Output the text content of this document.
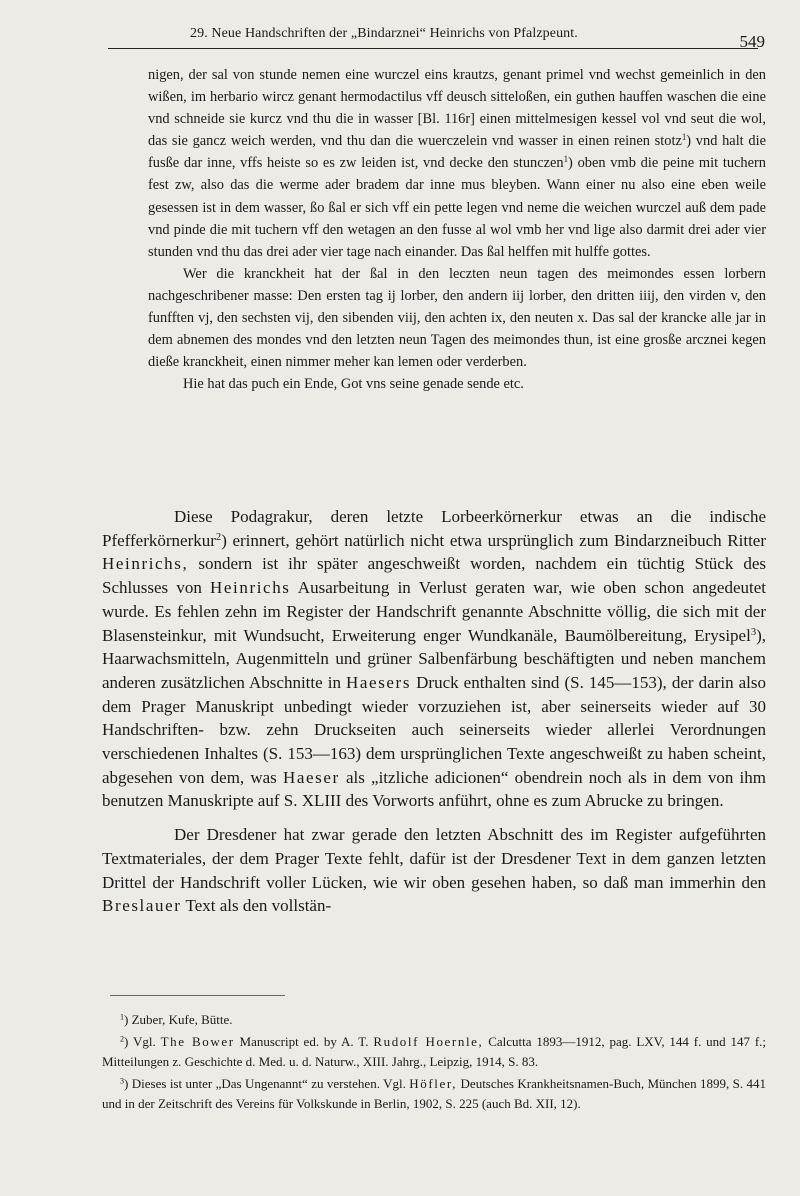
29. Neue Handschriften der „Bindarznei“ Heinrichs von Pfalzpeunt.	549

nigen, der sal von stunde nemen eine wurczel eins krautzs, genant primel vnd wechst gemeinlich in den wißen, im herbario wircz genant hermodactilus vff deusch sitteloßen, ein guthen hauffen waschen die eine vnd schneide sie kurcz vnd thu die in wasser [Bl. 116r] einen mittelmesigen kessel vol vnd seut die wol, das sie gancz weich werden, vnd thu dan die wuerczelein vnd wasser in einen reinen stotz$^1$) vnd halt die fusße dar inne, vffs heiste so es zw leiden ist, vnd decke den stunczen$^1$) oben vmb die peine mit tuchern fest zw, also das die werme ader bradem dar inne mus bleyben. Wann einer nu also eine eben weile gesessen ist in dem wasser, ßo ßal er sich vff ein pette legen vnd neme die weichen wurczel auß dem pade vnd pinde die mit tuchern vff den wetagen an den fusse al wol vmb her vnd lige also darmit drei ader vier stunden vnd thu das drei ader vier tage nach einander. Das ßal helffen mit hulffe gottes.

Wer die kranckheit hat der ßal in den leczten neun tagen des meimondes essen lorbern nachgeschribener masse: Den ersten tag ij lorber, den andern iij lorber, den dritten iiij, den virden v, den funfften vj, den sechsten vij, den sibenden viij, den achten ix, den neuten x. Das sal der krancke alle jar in dem abnemen des mondes vnd den letzten neun Tagen des meimondes thun, ist eine grosße arcznei kegen dieße kranckheit, einen nimmer meher kan lemen oder verderben.

Hie hat das puch ein Ende, Got vns seine genade sende etc.

Diese Podagrakur, deren letzte Lorbeerkörnerkur etwas an die indische Pfefferkörnerkur$^2$) erinnert, gehört natürlich nicht etwa ursprünglich zum Bindarzneibuch Ritter Heinrichs, sondern ist ihr später angeschweißt worden, nachdem ein tüchtig Stück des Schlusses von Heinrichs Ausarbeitung in Verlust geraten war, wie oben schon angedeutet wurde. Es fehlen zehn im Register der Handschrift genannte Abschnitte völlig, die sich mit der Blasensteinkur, mit Wundsucht, Erweiterung enger Wundkanäle, Baumölbereitung, Erysipel$^3$), Haarwachsmitteln, Augenmitteln und grüner Salbenfärbung beschäftigten und neben manchem anderen zusätzlichen Abschnitte in Haesers Druck enthalten sind (S. 145—153), der darin also dem Prager Manuskript unbedingt wieder vorzuziehen ist, aber seinerseits wieder auf 30 Handschriften- bzw. zehn Druckseiten auch seinerseits wieder allerlei Verordnungen verschiedenen Inhaltes (S. 153—163) dem ursprünglichen Texte angeschweißt zu haben scheint, abgesehen von dem, was Haeser als „itzliche adicionen“ obendrein noch als in dem von ihm benutzen Manuskripte auf S. XLIII des Vorworts anführt, ohne es zum Abrucke zu bringen.

Der Dresdener hat zwar gerade den letzten Abschnitt des im Register aufgeführten Textmateriales, der dem Prager Texte fehlt, dafür ist der Dresdener Text in dem ganzen letzten Drittel der Handschrift voller Lücken, wie wir oben gesehen haben, so daß man immerhin den Breslauer Text als den vollstän-

$^1$) Zuber, Kufe, Bütte.

$^2$) Vgl. The Bower Manuscript ed. by A. T. Rudolf Hoernle, Calcutta 1893—1912, pag. LXV, 144 f. und 147 f.; Mitteilungen z. Geschichte d. Med. u. d. Naturw., XIII. Jahrg., Leipzig, 1914, S. 83.

$^3$) Dieses ist unter „Das Ungenannt“ zu verstehen. Vgl. Höfler, Deutsches Krankheitsnamen-Buch, München 1899, S. 441 und in der Zeitschrift des Vereins für Volkskunde in Berlin, 1902, S. 225 (auch Bd. XII, 12).
